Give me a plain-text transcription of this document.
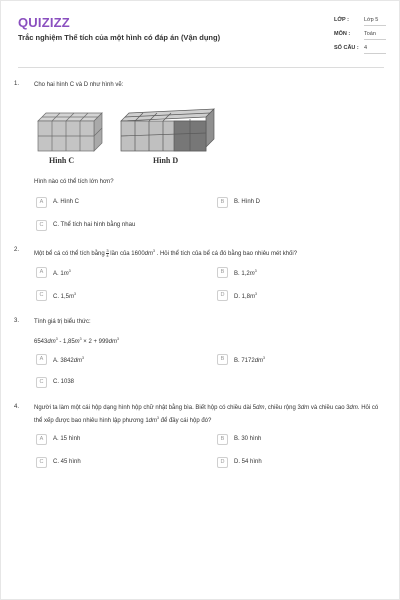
QUIZIZZ
Trắc nghiệm Thể tích của một hình có đáp án (Vận dụng)
LỚP :	Lớp 5
MÔN :	Toán
SỐ CÂU : 4
1. Cho hai hình C và D như hình vẽ:
Hình C	Hình D
Hình nào có thể tích lớn hơn?
A	A. Hình C	B	B. Hình D
C	C. Thể tích hai hình bằng nhau
2.
Một bể cá có thể tích bằng $\frac{3}{4}$ lần của $1600dm^3$ . Hỏi thể tích của bể cá đó bằng bao nhiêu mét khối?
A	A. $1m^3$	B	B. $1,2m^3$
C	C. $1,5m^3$	D	D. $1,8m^3$
3. Tính giá trị biểu thức:
$6543dm^3 - 1,85m^3 \times 2 + 999dm^3$
A	A. $3842dm^3$	B	B. $7172dm^3$
C	C. 1038
4. Người ta làm một cái hộp dạng hình hộp chữ nhật bằng bìa. Biết hộp có chiều dài 5dm, chiều rộng 3dm và chiều cao 3dm. Hỏi có thể xếp được bao nhiêu hình lập phương $1dm^3$ để đầy cái hộp đó?
A	A. 15 hình	B	B. 30 hình
C	C. 45 hình	D	D. 54 hình
